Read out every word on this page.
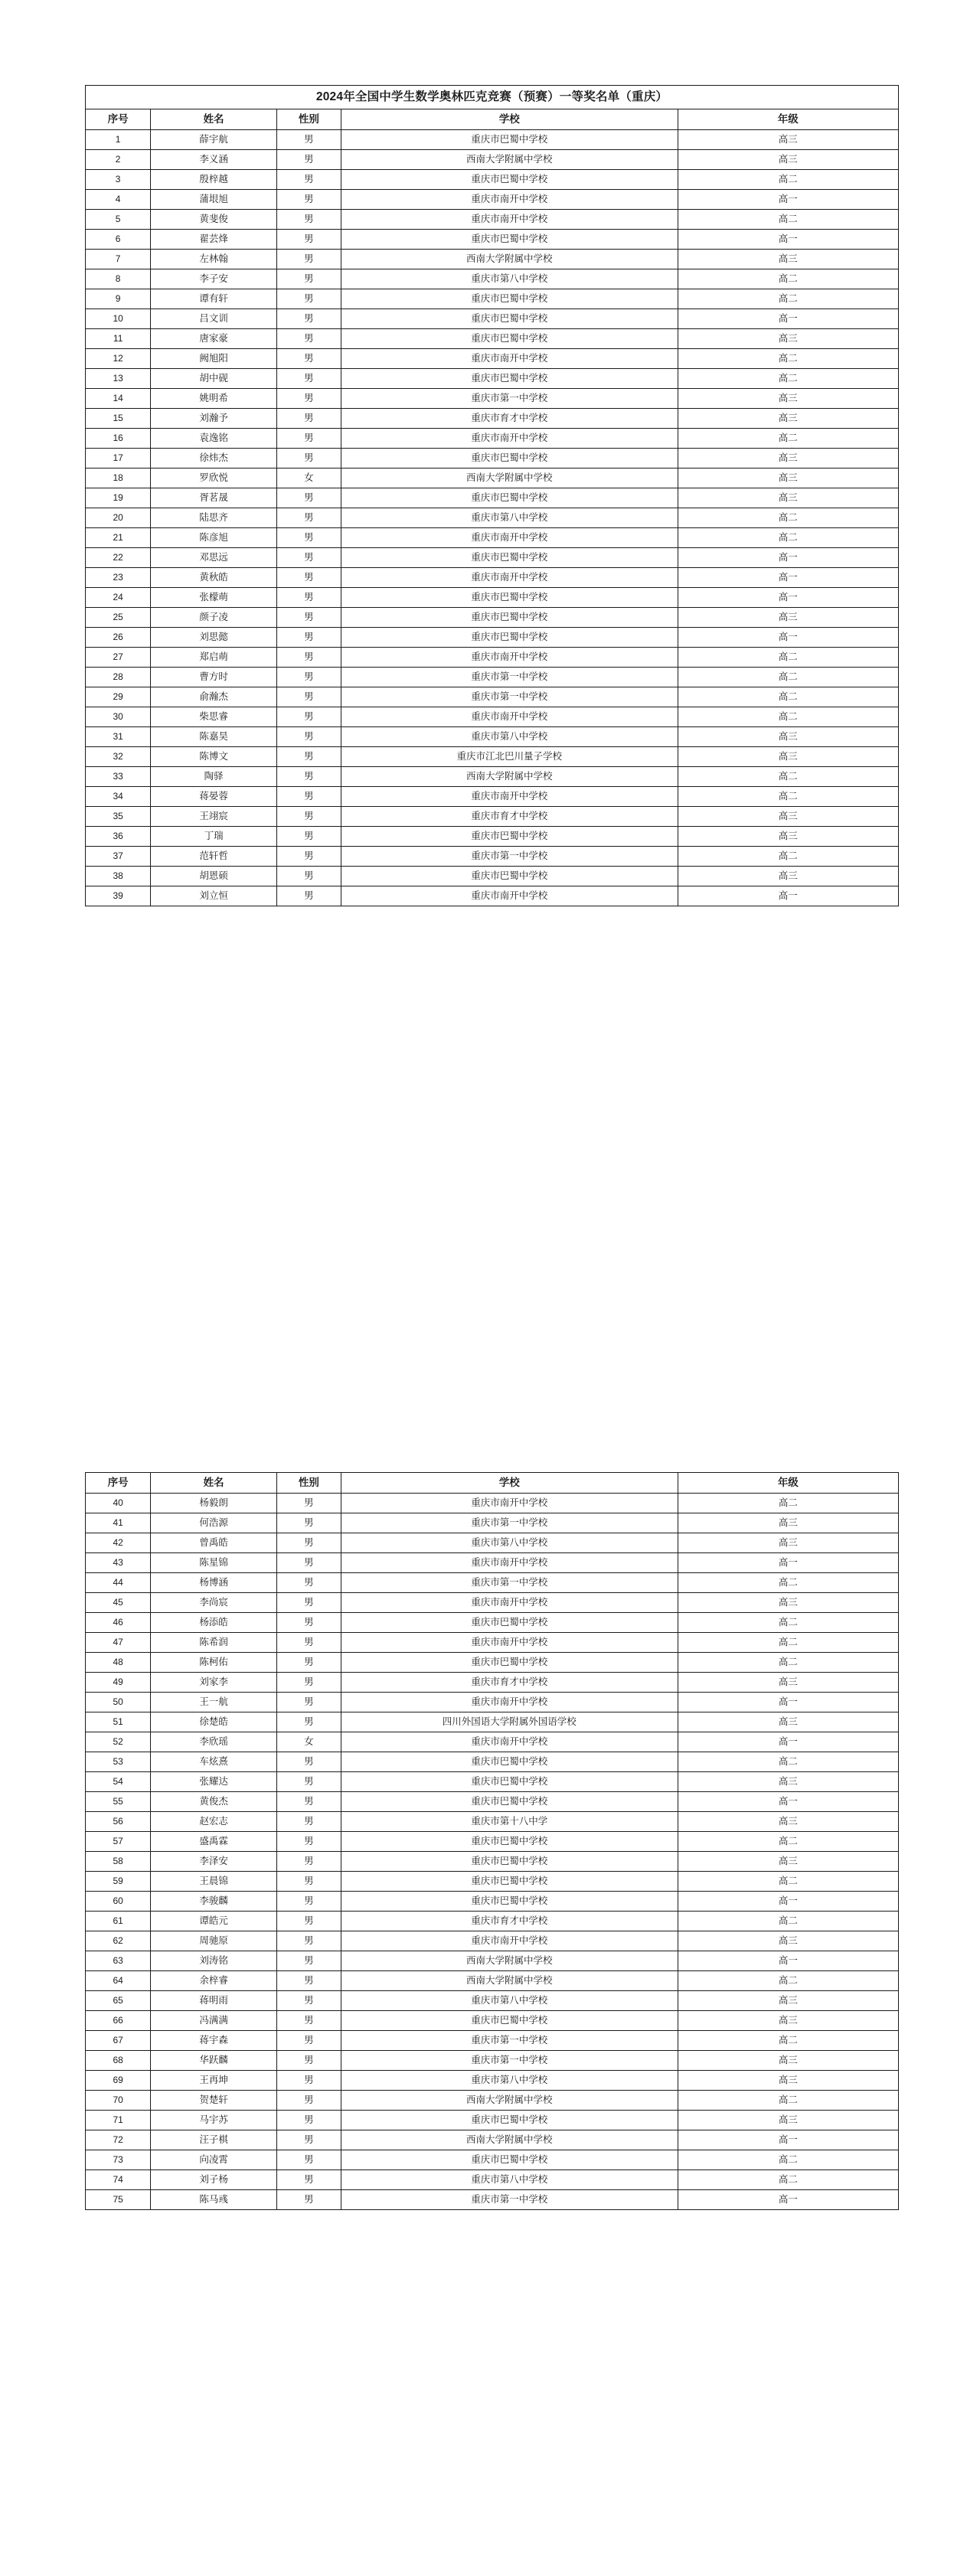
2024年全国中学生数学奥林匹克竞赛（预赛）一等奖名单（重庆）				
序号	姓名	性别	学校	年级
1	薛宇航	男	重庆市巴蜀中学校	高三
2	李义涵	男	西南大学附属中学校	高三
3	殷梓越	男	重庆市巴蜀中学校	高二
4	蒲垠旭	男	重庆市南开中学校	高一
5	黄斐俊	男	重庆市南开中学校	高二
6	翟芸烽	男	重庆市巴蜀中学校	高一
7	左林翰	男	西南大学附属中学校	高三
8	李子安	男	重庆市第八中学校	高二
9	谭有轩	男	重庆市巴蜀中学校	高二
10	吕文训	男	重庆市巴蜀中学校	高一
11	唐家豪	男	重庆市巴蜀中学校	高三
12	阙旭阳	男	重庆市南开中学校	高二
13	胡中砚	男	重庆市巴蜀中学校	高二
14	姚明希	男	重庆市第一中学校	高三
15	刘瀚予	男	重庆市育才中学校	高三
16	袁逸铭	男	重庆市南开中学校	高二
17	徐炜杰	男	重庆市巴蜀中学校	高三
18	罗欣悦	女	西南大学附属中学校	高三
19	胥茗晟	男	重庆市巴蜀中学校	高三
20	陆思齐	男	重庆市第八中学校	高二
21	陈彦旭	男	重庆市南开中学校	高二
22	邓思远	男	重庆市巴蜀中学校	高一
23	黄秋皓	男	重庆市南开中学校	高一
24	张檬萌	男	重庆市巴蜀中学校	高一
25	颜子凌	男	重庆市巴蜀中学校	高三
26	刘思懿	男	重庆市巴蜀中学校	高一
27	郑启萌	男	重庆市南开中学校	高二
28	曹方时	男	重庆市第一中学校	高二
29	俞瀚杰	男	重庆市第一中学校	高二
30	柴思睿	男	重庆市南开中学校	高二
31	陈嘉昊	男	重庆市第八中学校	高三
32	陈博文	男	重庆市江北巴川量子学校	高三
33	陶驿	男	西南大学附属中学校	高二
34	蒋晏蓉	男	重庆市南开中学校	高二
35	王翊宸	男	重庆市育才中学校	高三
36	丁瑞	男	重庆市巴蜀中学校	高三
37	范轩哲	男	重庆市第一中学校	高二
38	胡恩硕	男	重庆市巴蜀中学校	高三
39	刘立恒	男	重庆市南开中学校	高一
序号	姓名	性别	学校	年级
40	杨毅朗	男	重庆市南开中学校	高二
41	何浩源	男	重庆市第一中学校	高三
42	曾禹皓	男	重庆市第八中学校	高三
43	陈星锦	男	重庆市南开中学校	高一
44	杨博涵	男	重庆市第一中学校	高二
45	李尚宸	男	重庆市南开中学校	高三
46	杨添皓	男	重庆市巴蜀中学校	高二
47	陈希润	男	重庆市南开中学校	高二
48	陈柯佑	男	重庆市巴蜀中学校	高二
49	刘家李	男	重庆市育才中学校	高三
50	王一航	男	重庆市南开中学校	高一
51	徐楚皓	男	四川外国语大学附属外国语学校	高三
52	李欣瑶	女	重庆市南开中学校	高一
53	车炫熹	男	重庆市巴蜀中学校	高二
54	张耀达	男	重庆市巴蜀中学校	高三
55	黄俊杰	男	重庆市巴蜀中学校	高一
56	赵宏志	男	重庆市第十八中学	高三
57	盛禹霖	男	重庆市巴蜀中学校	高二
58	李泽安	男	重庆市巴蜀中学校	高三
59	王晨锦	男	重庆市巴蜀中学校	高二
60	李骏麟	男	重庆市巴蜀中学校	高一
61	谭皓元	男	重庆市育才中学校	高二
62	周驰原	男	重庆市南开中学校	高三
63	刘涛铭	男	西南大学附属中学校	高一
64	余梓睿	男	西南大学附属中学校	高二
65	蒋明雨	男	重庆市第八中学校	高三
66	冯满满	男	重庆市巴蜀中学校	高三
67	蒋宇森	男	重庆市第一中学校	高二
68	华跃麟	男	重庆市第一中学校	高三
69	王再坤	男	重庆市第八中学校	高三
70	贺楚轩	男	西南大学附属中学校	高二
71	马宇苏	男	重庆市巴蜀中学校	高三
72	汪子棋	男	西南大学附属中学校	高一
73	向凌霄	男	重庆市巴蜀中学校	高二
74	刘子杨	男	重庆市第八中学校	高二
75	陈马彧	男	重庆市第一中学校	高一
